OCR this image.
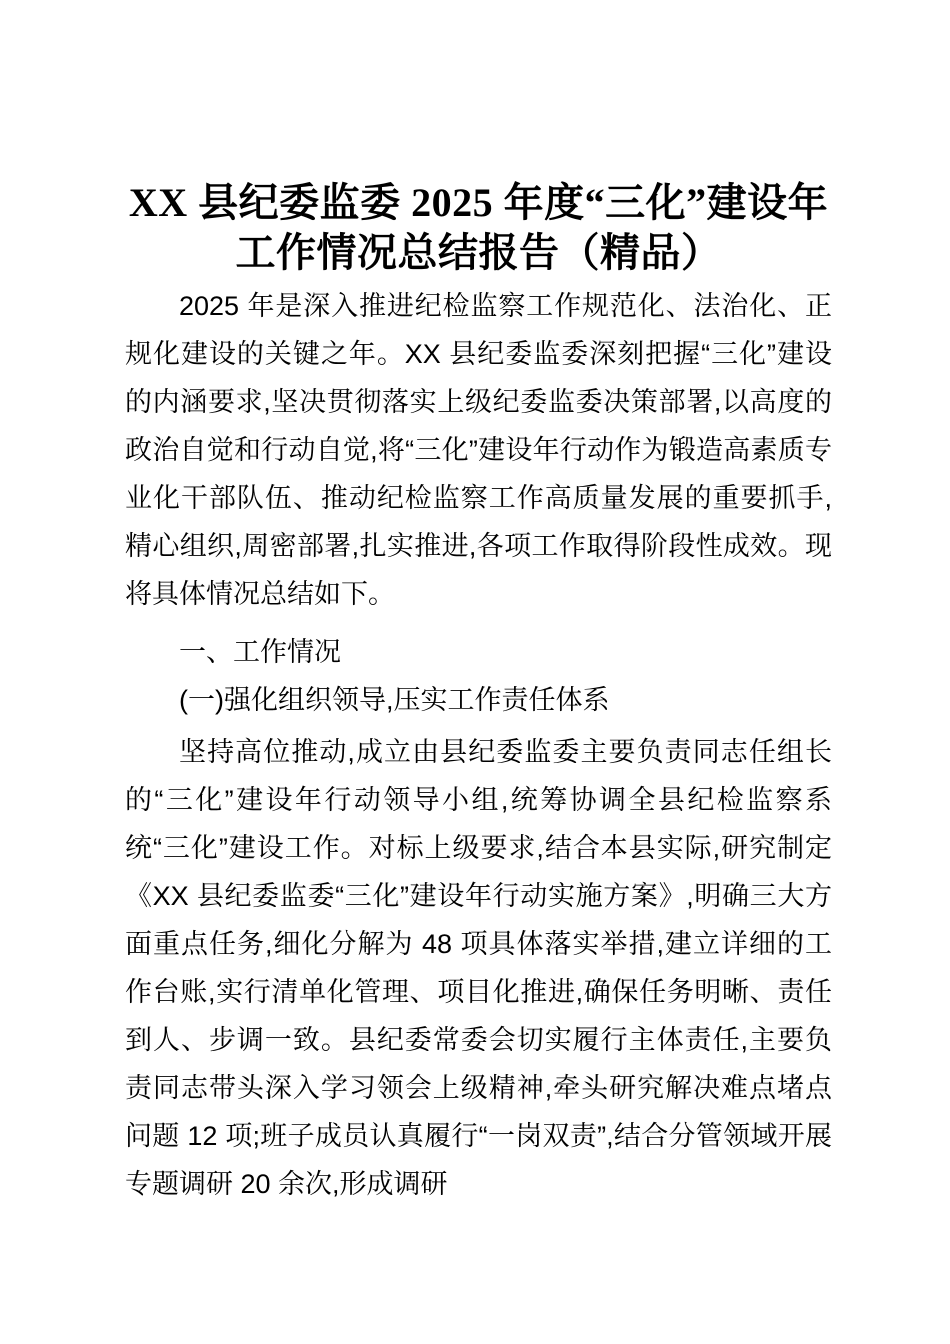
XX 县纪委监委 2025 年度“三化”建设年工作情况总结报告（精品）

2025 年是深入推进纪检监察工作规范化、法治化、正规化建设的关键之年。XX 县纪委监委深刻把握“三化”建设的内涵要求,坚决贯彻落实上级纪委监委决策部署,以高度的政治自觉和行动自觉,将“三化”建设年行动作为锻造高素质专业化干部队伍、推动纪检监察工作高质量发展的重要抓手,精心组织,周密部署,扎实推进,各项工作取得阶段性成效。现将具体情况总结如下。

一、工作情况
(一)强化组织领导,压实工作责任体系

坚持高位推动,成立由县纪委监委主要负责同志任组长的“三化”建设年行动领导小组,统筹协调全县纪检监察系统“三化”建设工作。对标上级要求,结合本县实际,研究制定《XX 县纪委监委“三化”建设年行动实施方案》,明确三大方面重点任务,细化分解为 48 项具体落实举措,建立详细的工作台账,实行清单化管理、项目化推进,确保任务明晰、责任到人、步调一致。县纪委常委会切实履行主体责任,主要负责同志带头深入学习领会上级精神,牵头研究解决难点堵点问题 12 项;班子成员认真履行“一岗双责”,结合分管领域开展专题调研 20 余次,形成调研
